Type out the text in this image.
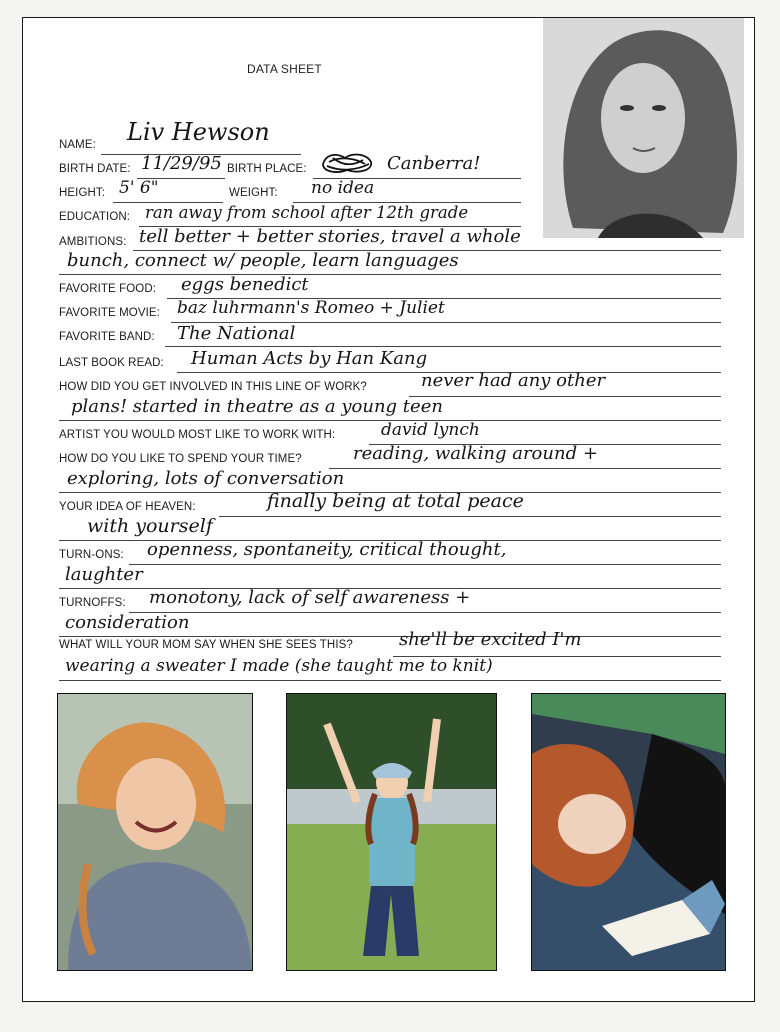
DATA SHEET
NAME: Liv Hewson
BIRTH DATE: 11/29/95 BIRTH PLACE:	Canberra!
HEIGHT: 5' 6"	WEIGHT: no idea
EDUCATION: ran away from school after 12th grade
AMBITIONS: tell better + better stories, travel a whole
bunch, connect w/ people, learn languages
FAVORITE FOOD: eggs benedict
FAVORITE MOVIE: baz luhrmann's Romeo + Juliet
FAVORITE BAND: The National
LAST BOOK READ: Human Acts by Han Kang
HOW DID YOU GET INVOLVED IN THIS LINE OF WORK?	never had any other
plans! started in theatre as a young teen
ARTIST YOU WOULD MOST LIKE TO WORK WITH:	david lynch
HOW DO YOU LIKE TO SPEND YOUR TIME?	reading, walking around +
exploring, lots of conversation
YOUR IDEA OF HEAVEN:	finally being at total peace
with yourself
TURN-ONS: openness, spontaneity, critical thought,
laughter
TURNOFFS: monotony, lack of self awareness +
consideration
WHAT WILL YOUR MOM SAY WHEN SHE SEES THIS?	she'll be excited I'm
wearing a sweater I made (she taught me to knit)
